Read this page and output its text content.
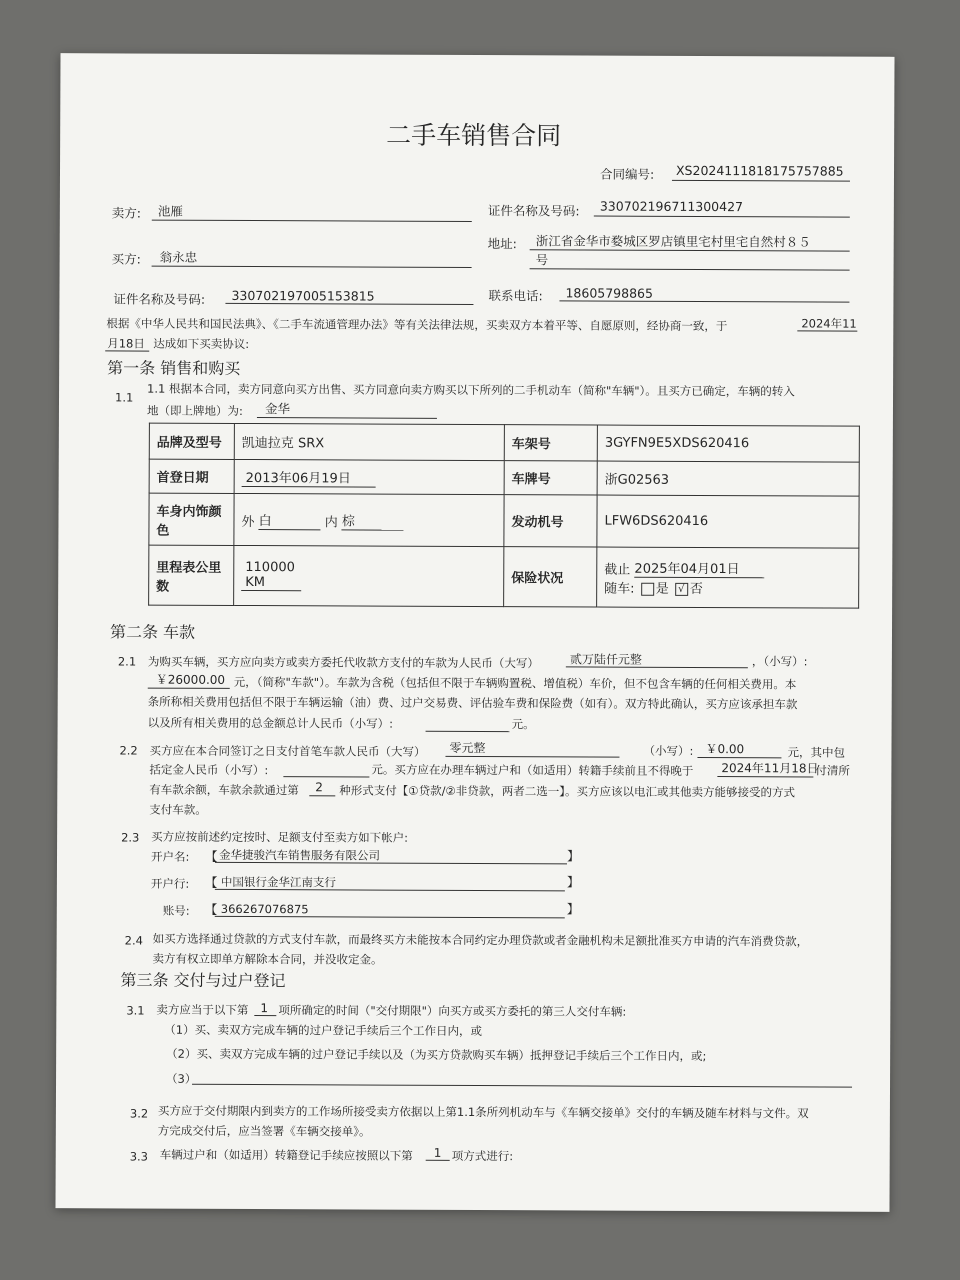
二手车销售合同
合同编号: XS2024111818175757885
卖方: 池雁	证件名称及号码: 330702196711300427
买方: 翁永忠
地址: 浙江省金华市婺城区罗店镇里宅村里宅自然村８５
号
证件名称及号码: 330702197005153815	联系电话: 18605798865
根据《中华人民共和国民法典》、《二手车流通管理办法》等有关法律法规，买卖双方本着平等、自愿原则，经协商一致，于	2024年11
月18日 达成如下买卖协议:
第一条 销售和购买
1.1 1.1 根据本合同，卖方同意向买方出售、买方同意向卖方购买以下所列的二手机动车（简称"车辆"）。且买方已确定，车辆的转入
地（即上牌地）为: 金华
品牌及型号	凯迪拉克 SRX	车架号	3GYFN9E5XDS620416
首登日期	2013年06月19日	车牌号	浙G02563
车身内饰颜色	外 白 内 棕	发动机号	LFW6DS620416
里程表公里数	110000 KM	保险状况	截止 2025年04月01日
随车: 是 √ 否
第二条 车款
2.1 为购买车辆，买方应向卖方或卖方委托代收款方支付的车款为人民币（大写）	贰万陆仟元整	，（小写）:
￥26000.00 元，（简称"车款"）。车款为含税（包括但不限于车辆购置税、增值税）车价，但不包含车辆的任何相关费用。本
条所称相关费用包括但不限于车辆运输（油）费、过户交易费、评估验车费和保险费（如有）。双方特此确认，买方应该承担车款
以及所有相关费用的总金额总计人民币（小写）:	元。
2.2 买方应在本合同签订之日支付首笔车款人民币（大写） 零元整	（小写）: ￥0.00	元，其中包
括定金人民币（小写）:	元。买方应在办理车辆过户和（如适用）转籍手续前且不得晚于 2024年11月18日
付清所
有车款余额，车款余款通过第 2 种形式支付【①贷款/②非贷款，两者二选一】。买方应该以电汇或其他卖方能够接受的方式
支付车款。
2.3 买方应按前述约定按时、足额支付至卖方如下帐户:
开户名: 【 金华捷骏汽车销售服务有限公司	】
开户行: 【 中国银行金华江南支行	】
账号: 【 366267076875	】
2.4 如买方选择通过贷款的方式支付车款，而最终买方未能按本合同约定办理贷款或者金融机构未足额批准买方申请的汽车消费贷款，
卖方有权立即单方解除本合同，并没收定金。
第三条 交付与过户登记
3.1 卖方应当于以下第 1 项所确定的时间（"交付期限"）向买方或买方委托的第三人交付车辆:
（1）买、卖双方完成车辆的过户登记手续后三个工作日内，或
（2）买、卖双方完成车辆的过户登记手续以及（为买方贷款购买车辆）抵押登记手续后三个工作日内，或;
（3）
3.2 买方应于交付期限内到卖方的工作场所接受卖方依据以上第1.1条所列机动车与《车辆交接单》交付的车辆及随车材料与文件。双
方完成交付后，应当签署《车辆交接单》。
3.3 车辆过户和（如适用）转籍登记手续应按照以下第 1 项方式进行:
